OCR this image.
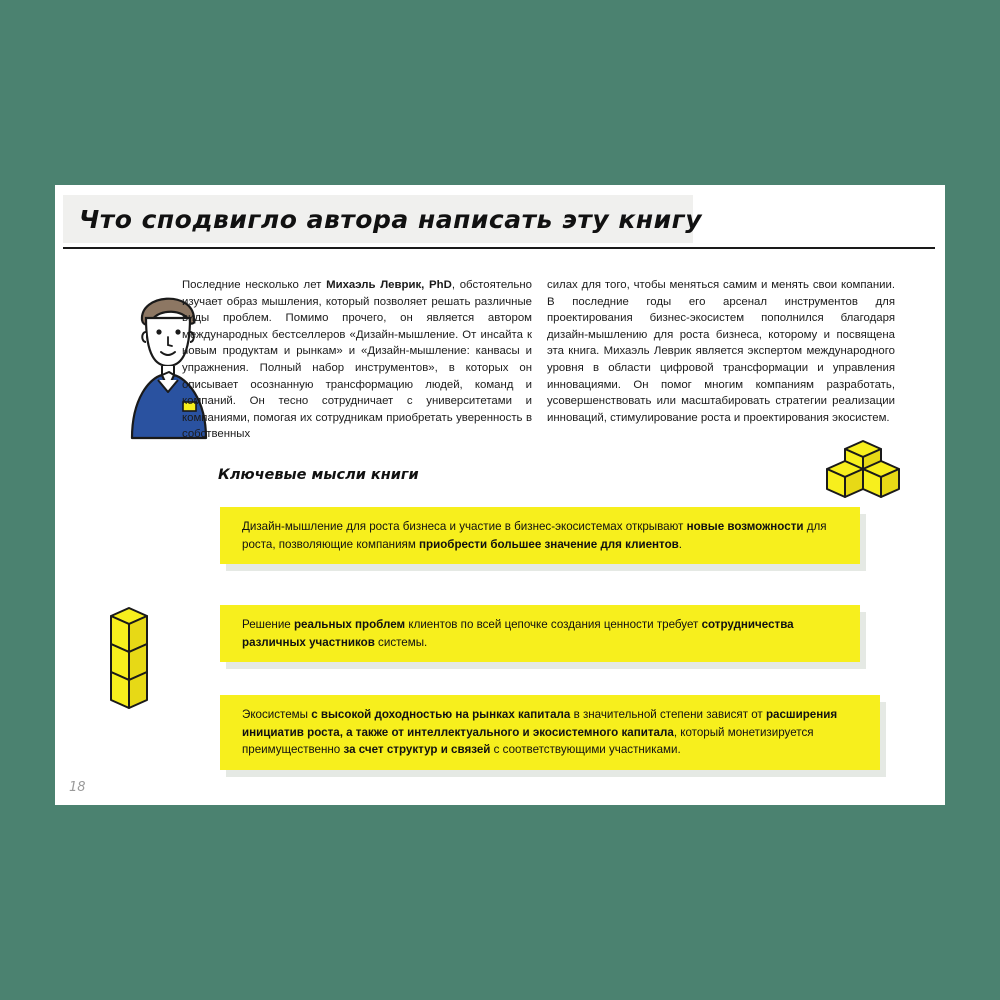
Что сподвигло автора написать эту книгу
Последние несколько лет Михаэль Леврик, PhD, обстоятельно изучает образ мышления, который позволяет решать различные виды проблем. Помимо прочего, он является автором международных бестселлеров «Дизайн-мышление. От инсайта к новым продуктам и рынкам» и «Дизайн-мышление: канвасы и упражнения. Полный набор инструментов», в которых он описывает осознанную трансформацию людей, команд и компаний. Он тесно сотрудничает с университетами и компаниями, помогая их сотрудникам приобретать уверенность в собственных
силах для того, чтобы меняться самим и менять свои компании. В последние годы его арсенал инструментов для проектирования бизнес-экосистем пополнился благодаря дизайн-мышлению для роста бизнеса, которому и посвящена эта книга. Михаэль Леврик является экспертом международного уровня в области цифровой трансформации и управления инновациями. Он помог многим компаниям разработать, усовершенствовать или масштабировать стратегии реализации инноваций, стимулирование роста и проектирования экосистем.
Ключевые мысли книги
Дизайн-мышление для роста бизнеса и участие в бизнес-экосистемах открывают новые возможности для роста, позволяющие компаниям приобрести большее значение для клиентов.
Решение реальных проблем клиентов по всей цепочке создания ценности требует сотрудничества различных участников системы.
Экосистемы с высокой доходностью на рынках капитала в значительной степени зависят от расширения инициатив роста, а также от интеллектуального и экосистемного капитала, который монетизируется преимущественно за счет структур и связей с соответствующими участниками.
18
